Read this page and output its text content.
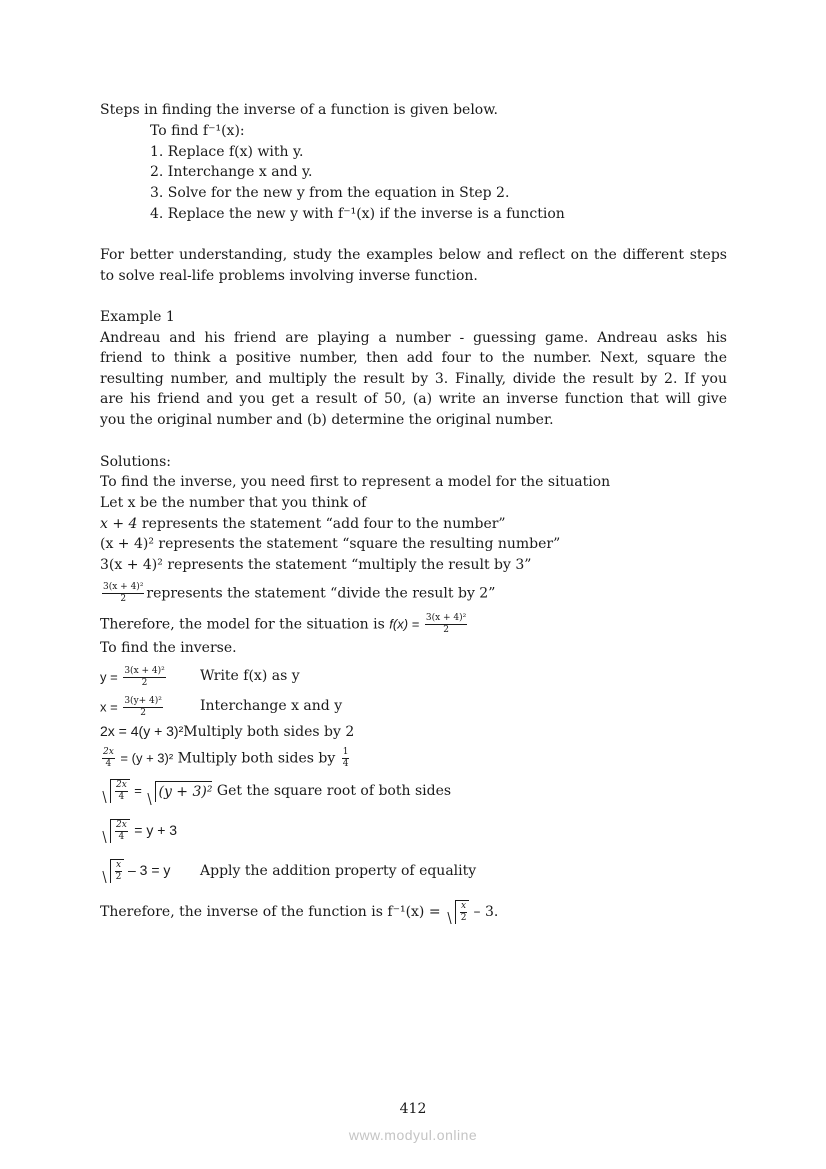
Steps in finding the inverse of a function is given below.
To find f⁻¹(x):
1. Replace f(x) with y.
2. Interchange x and y.
3. Solve for the new y from the equation in Step 2.
4. Replace the new y with f⁻¹(x) if the inverse is a function
For better understanding, study the examples below and reflect on the different steps
to solve real-life problems involving inverse function.
Example 1
Andreau and his friend are playing a number - guessing game. Andreau asks his
friend to think a positive number, then add four to the number. Next, square the
resulting number, and multiply the result by 3. Finally, divide the result by 2. If you
are his friend and you get a result of 50, (a) write an inverse function that will give
you the original number and (b) determine the original number.
Solutions:
To find the inverse, you need first to represent a model for the situation
Let x be the number that you think of
x + 4 represents the statement “add four to the number”
(x + 4)² represents the statement “square the resulting number”
3(x + 4)² represents the statement “multiply the result by 3”
$\frac{\text{3(x + 4)²}}{2}$ represents the statement “divide the result by 2”
Therefore, the model for the situation is $f(x) = \frac{\text{3(x + 4)²}}{2}$
To find the inverse.
$y = \frac{\text{3(x + 4)²}}{2}$ Write f(x) as y
$x = \frac{\text{3(y+ 4)²}}{2}$	Interchange x and y
2x = 4(y + 3)²Multiply both sides by 2
$\frac{2x}{4} = (y + 3)^2$ Multiply both sides by $\frac{1}{4}$
$\frac{2x}{4} = (y + 3)^2$ Get the square root of both sides
$\frac{2x}{4} = y + 3$
$\frac{x}{2} - 3 = y$ Apply the addition property of equality
Therefore, the inverse of the function is $f^{-1}(x) = \frac{x}{2} - 3$.
412
www.modyul.online
